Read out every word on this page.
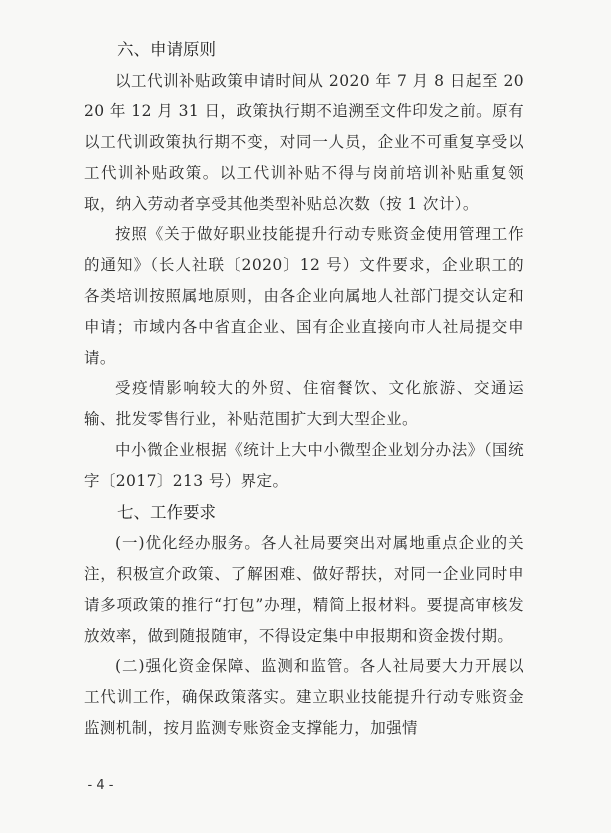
六、申请原则

以工代训补贴政策申请时间从 2020 年 7 月 8 日起至 2020 年 12 月 31 日，政策执行期不追溯至文件印发之前。原有以工代训政策执行期不变，对同一人员，企业不可重复享受以工代训补贴政策。以工代训补贴不得与岗前培训补贴重复领取，纳入劳动者享受其他类型补贴总次数（按 1 次计）。

按照《关于做好职业技能提升行动专账资金使用管理工作的通知》（长人社联〔2020〕12 号）文件要求，企业职工的各类培训按照属地原则，由各企业向属地人社部门提交认定和申请；市域内各中省直企业、国有企业直接向市人社局提交申请。

受疫情影响较大的外贸、住宿餐饮、文化旅游、交通运输、批发零售行业，补贴范围扩大到大型企业。

中小微企业根据《统计上大中小微型企业划分办法》（国统字〔2017〕213 号）界定。

七、工作要求

(一)优化经办服务。各人社局要突出对属地重点企业的关注，积极宣介政策、了解困难、做好帮扶，对同一企业同时申请多项政策的推行“打包”办理，精简上报材料。要提高审核发放效率，做到随报随审，不得设定集中申报期和资金拨付期。

(二)强化资金保障、监测和监管。各人社局要大力开展以工代训工作，确保政策落实。建立职业技能提升行动专账资金监测机制，按月监测专账资金支撑能力，加强情

- 4 -
